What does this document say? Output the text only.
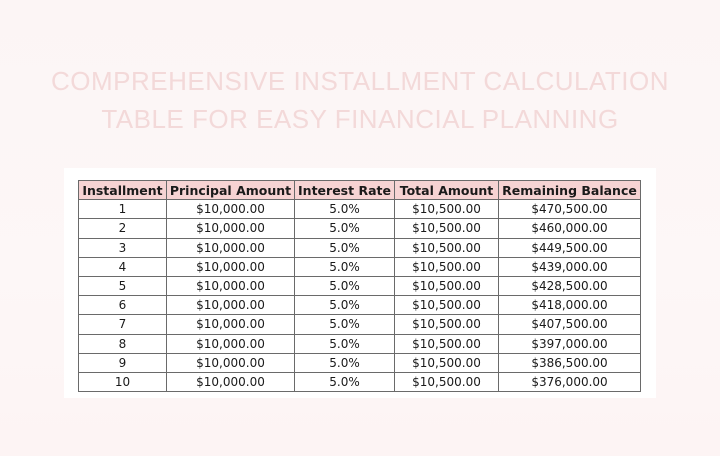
COMPREHENSIVE INSTALLMENT CALCULATION
TABLE FOR EASY FINANCIAL PLANNING
Installment	Principal Amount	Interest Rate	Total Amount	Remaining Balance
1	$10,000.00	5.0%	$10,500.00	$470,500.00
2	$10,000.00	5.0%	$10,500.00	$460,000.00
3	$10,000.00	5.0%	$10,500.00	$449,500.00
4	$10,000.00	5.0%	$10,500.00	$439,000.00
5	$10,000.00	5.0%	$10,500.00	$428,500.00
6	$10,000.00	5.0%	$10,500.00	$418,000.00
7	$10,000.00	5.0%	$10,500.00	$407,500.00
8	$10,000.00	5.0%	$10,500.00	$397,000.00
9	$10,000.00	5.0%	$10,500.00	$386,500.00
10	$10,000.00	5.0%	$10,500.00	$376,000.00
